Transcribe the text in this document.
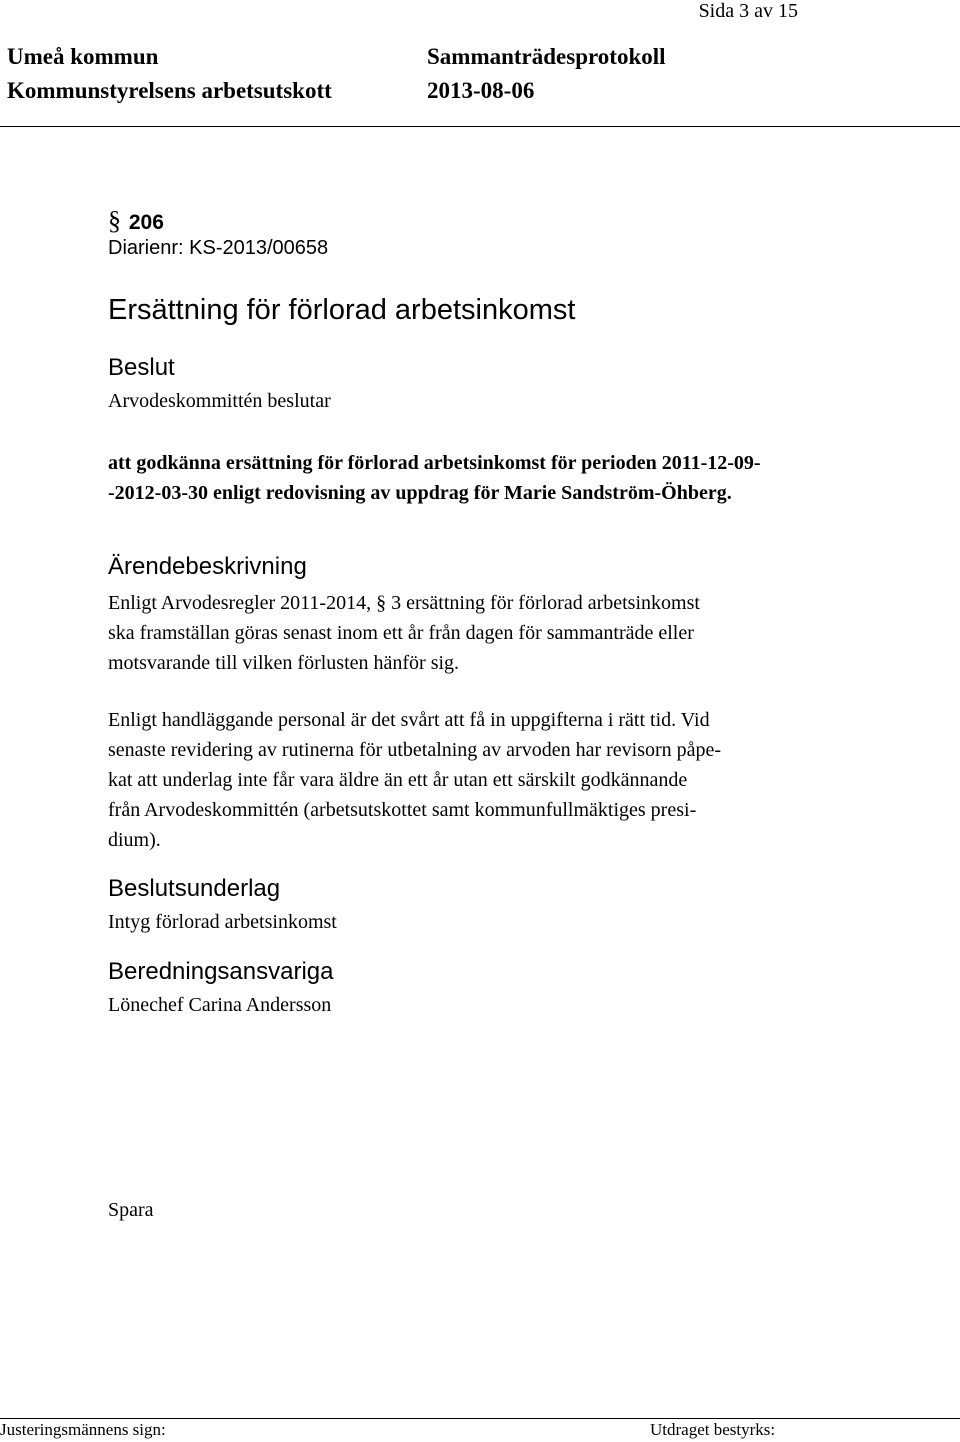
Sida 3 av 15
Umeå kommun	Sammanträdesprotokoll
Kommunstyrelsens arbetsutskott	2013-08-06
§ 206
Diarienr: KS-2013/00658
Ersättning för förlorad arbetsinkomst
Beslut
Arvodeskommittén beslutar
att godkänna ersättning för förlorad arbetsinkomst för perioden 2011-12-09--2012-03-30 enligt redovisning av uppdrag för Marie Sandström-Öhberg.
Ärendebeskrivning
Enligt Arvodesregler 2011-2014, § 3 ersättning för förlorad arbetsinkomst
ska framställan göras senast inom ett år från dagen för sammanträde eller
motsvarande till vilken förlusten hänför sig.
Enligt handläggande personal är det svårt att få in uppgifterna i rätt tid. Vid
senaste revidering av rutinerna för utbetalning av arvoden har revisorn påpe-
kat att underlag inte får vara äldre än ett år utan ett särskilt godkännande
från Arvodeskommittén (arbetsutskottet samt kommunfullmäktiges presi-
dium).
Beslutsunderlag
Intyg förlorad arbetsinkomst
Beredningsansvariga
Lönechef Carina Andersson
Spara
Justeringsmännens sign:	Utdraget bestyrks:
